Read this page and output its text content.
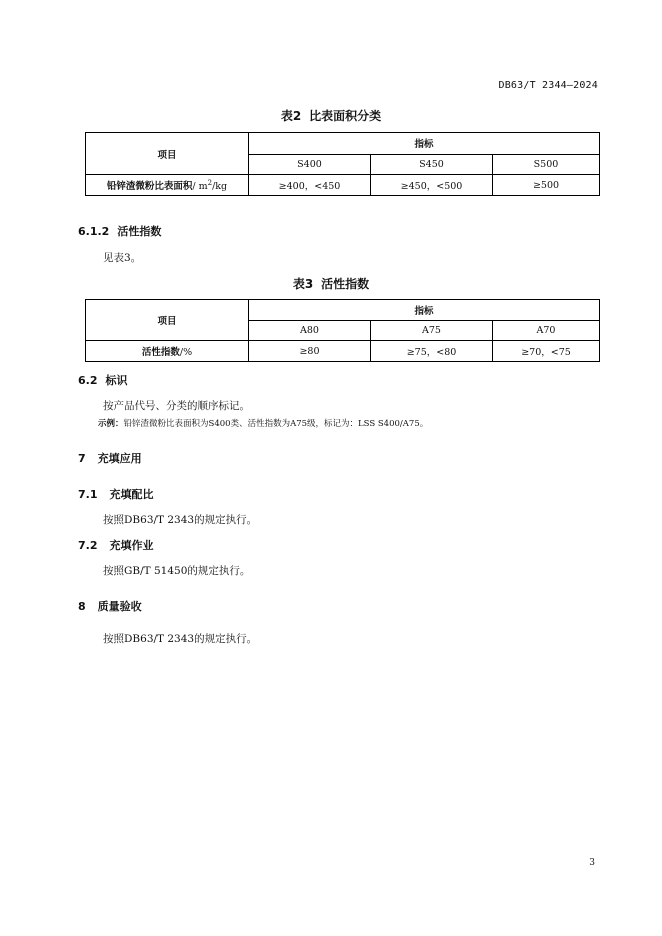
DB63/T 2344—2024
表2 比表面积分类
项目	指标		
	S400	S450	S500
铅锌渣微粉比表面积/ $m^2/kg$	≥400，<450	≥450，<500	≥500
6.1.2 活性指数
见表3。
表3 活性指数
项目	指标		
	A80	A75	A70
活性指数/%	≥80	≥75，<80	≥70，<75
6.2 标识
按产品代号、分类的顺序标记。
示例：铅锌渣微粉比表面积为S400类、活性指数为A75级，标记为：LSS S400/A75。
7 充填应用
7.1 充填配比
按照DB63/T 2343的规定执行。
7.2 充填作业
按照GB/T 51450的规定执行。
8 质量验收
按照DB63/T 2343的规定执行。
3
